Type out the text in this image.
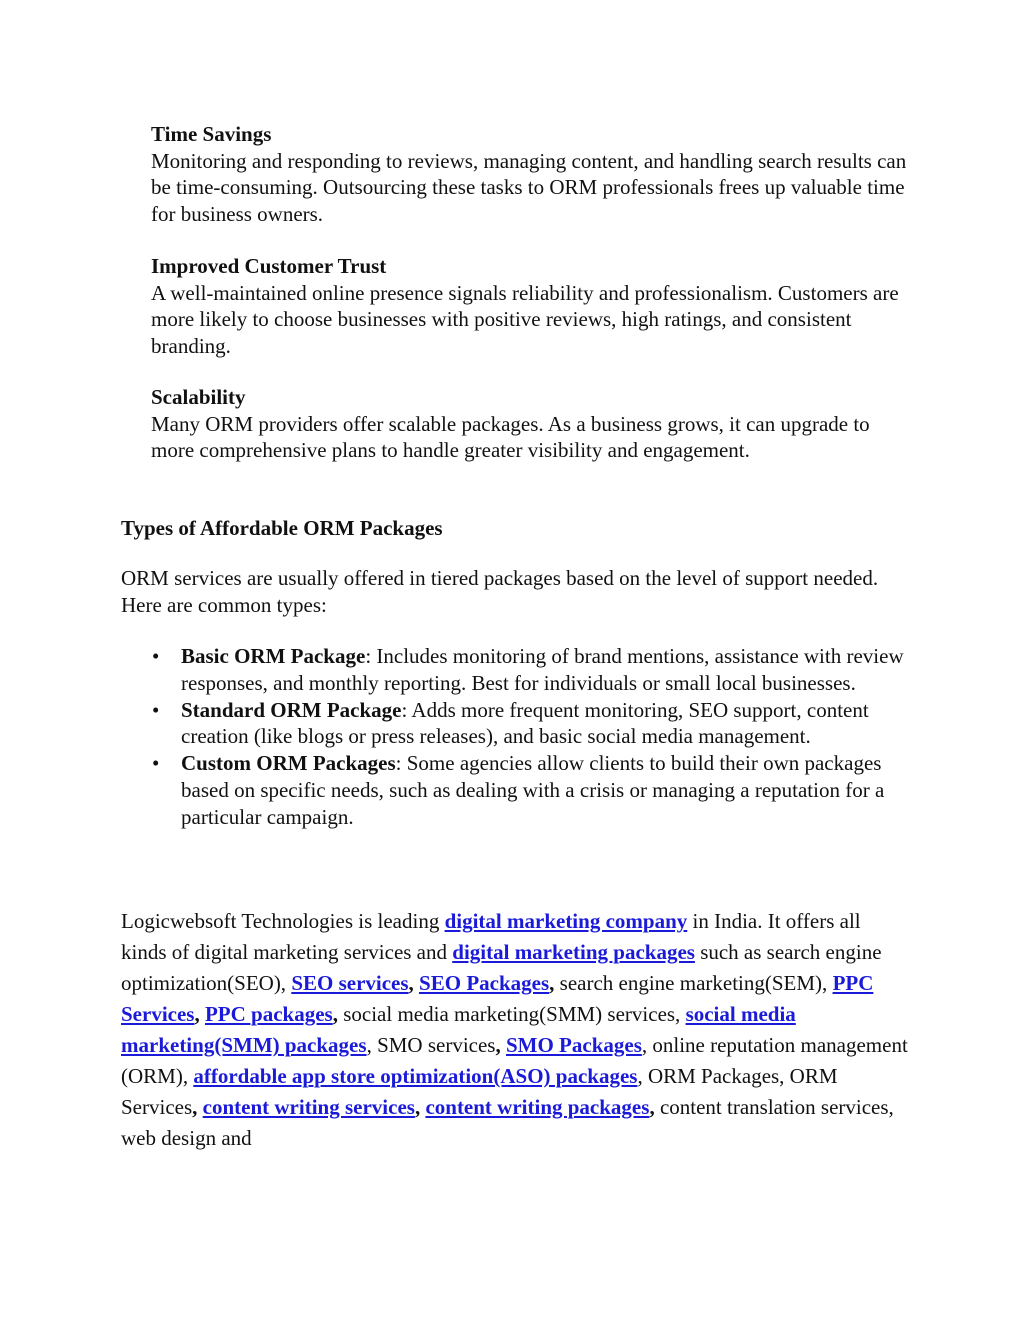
Time Savings
Monitoring and responding to reviews, managing content, and handling search results can be time-consuming. Outsourcing these tasks to ORM professionals frees up valuable time for business owners.
Improved Customer Trust
A well-maintained online presence signals reliability and professionalism. Customers are more likely to choose businesses with positive reviews, high ratings, and consistent branding.
Scalability
Many ORM providers offer scalable packages. As a business grows, it can upgrade to more comprehensive plans to handle greater visibility and engagement.
Types of Affordable ORM Packages
ORM services are usually offered in tiered packages based on the level of support needed. Here are common types:
• Basic ORM Package: Includes monitoring of brand mentions, assistance with review responses, and monthly reporting. Best for individuals or small local businesses.
• Standard ORM Package: Adds more frequent monitoring, SEO support, content creation (like blogs or press releases), and basic social media management.
• Custom ORM Packages: Some agencies allow clients to build their own packages based on specific needs, such as dealing with a crisis or managing a reputation for a particular campaign.
Logicwebsoft Technologies is leading digital marketing company in India. It offers all kinds of digital marketing services and digital marketing packages such as search engine optimization(SEO), SEO services, SEO Packages, search engine marketing(SEM), PPC Services, PPC packages, social media marketing(SMM) services, social media marketing(SMM) packages, SMO services, SMO Packages, online reputation management (ORM), affordable app store optimization(ASO) packages, ORM Packages, ORM Services, content writing services, content writing packages, content translation services, web design and
